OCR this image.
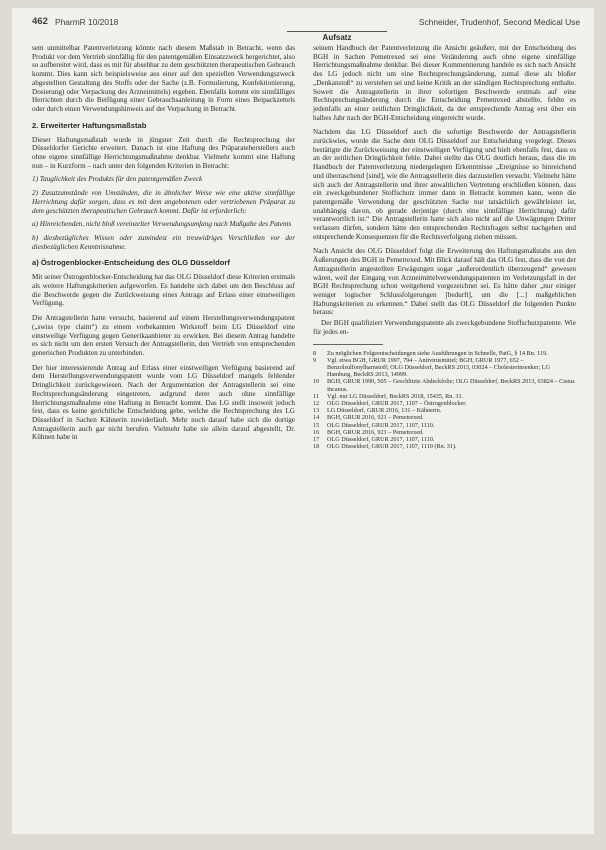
462 PharmR 10/2018	Schneider, Trudenhof, Second Medical Use
Aufsatz

sem unmittelbar Patentverletzung könnte nach diesem Maßstab in Betracht, wenn das Produkt vor dem Vertrieb sinnfällig für den patentgemäßen Einsatzzweck hergerichtet, also so aufbereitet wird, dass es mit für absehbar zu dem geschützten therapeutischen Gebrauch kommt. Dies kann sich beispielsweise aus einer auf den speziellen Verwendungszweck abgestellten Gestaltung des Stoffs oder der Sache (z.B. Formulierung, Konfektionierung, Dosierung) oder Verpackung des Arzneimittels) ergeben. Ebenfalls kommt ein sinnfälliges Herrichten durch die Beifügung einer Gebrauchsanleitung in Form eines Beipackzettels oder durch einen Verwendungshinweis auf der Verpackung in Betracht.

2. Erweiterter Haftungsmaßstab

Dieser Haftungsmaßstab wurde in jüngster Zeit durch die Rechtsprechung der Düsseldorfer Gerichte erweitert. Danach ist eine Haftung des Präparateherstellers auch ohne eigene sinnfällige Herrichtungsmaßnahme denkbar. Vielmehr kommt eine Haftung nun – in Kurzform – nach unter den folgenden Kriterien in Betracht:

1) Tauglichkeit des Produkts für den patentgemäßen Zweck

2) Zusatzumstände von Umständen, die in ähnlicher Weise wie eine aktive sinnfällige Herrichtung dafür sorgen, dass es mit dem angebotenen oder vertriebenen Präparat zu dem geschützten therapeutischen Gebrauch kommt. Dafür ist erforderlich:

a) Hinreichenden, nicht bloß vereinzelter Verwendungsumfang nach Maßgabe des Patents

b) diesbezügliches Wissen oder zumindest ein treuwidriges Verschließen vor der diesbezüglichen Kenntnisnahme.

a) Östrogenblocker-Entscheidung des OLG Düsseldorf

Mit seiner Östrogenblocker-Entscheidung hat das OLG Düsseldorf diese Kriterien erstmals als weitere Haftungskriterien aufgeworfen. Es handelte sich dabei um den Beschluss auf die Beschwerde gegen die Zurückweisung eines Antrags auf Erlass einer einstweiligen Verfügung.

Die Antragstellerin hatte versucht, basierend auf einem Herstellungsverwendungspatent („swiss type claim“) zu einem vorbekannten Wirkstoff beim LG Düsseldorf eine einstweilige Verfügung gegen Generikaanbieter zu erwirken. Bei diesem Antrag handelte es sich nicht um den ersten Versuch der Antragstellerin, den Vertrieb von entsprechenden generischen Produkten zu unterbinden.

Der hier interessierende Antrag auf Erlass einer einstweiligen Verfügung basierend auf dem Herstellungsverwendungspatent wurde vom LG Düsseldorf mangels fehlender Dringlichkeit zurückgewiesen. Nach der Argumentation der Antragstellerin sei eine Rechtsprechungsänderung eingetreten, aufgrund derer auch ohne sinnfällige Herrichtungsmaßnahme eine Haftung in Betracht kommt. Das LG stellt insoweit jedoch fest, dass es keine gerichtliche Entscheidung gebe, welche die Rechtsprechung des LG Düsseldorf in Sachen Kähnerin zuwiderläuft. Mehr noch darauf habe sich die dortige Antragstellerin auch gar nicht berufen. Vielmehr habe sie allein darauf abgestellt, Dr. Kühnen habe in

seinem Handbuch der Patentverletzung die Ansicht geäußert, mit der Entscheidung des BGH in Sachen Pemetrexed sei eine Veränderung auch ohne eigene sinnfällige Herrichtungsmaßnahme denkbar. Bei dieser Kommentierung handele es sich nach Ansicht des LG jedoch nicht um eine Rechtsprechungsänderung, zumal diese als bloßer „Denkanstoß“ zu verstehen sei und keine Kritik an der ständigen Rechtsprechung enthalte. Soweit die Antragstellerin in ihrer sofortigen Beschwerde erstmals auf eine Rechtsprechungsänderung durch die Entscheidung Pemetrexed abstellte, fehlte es jedenfalls an einer zeitlichen Dringlichkeit, da der entsprechende Antrag erst über ein halbes Jahr nach der BGH-Entscheidung eingereicht wurde.

Nachdem das LG Düsseldorf auch die sofortige Beschwerde der Antragstellerin zurückwies, wurde die Sache dem OLG Düsseldorf zur Entscheidung vorgelegt. Dieses bestätigte die Zurückweisung der einstweiligen Verfügung und hielt ebenfalls fest, dass es an der zeitlichen Dringlichkeit fehle. Dabei stellte das OLG deutlich heraus, dass die im Handbuch der Patentverletzung niedergelegten Erkenntnisse „Ereignisse so hinreichend und überraschend [sind], wie die Antragstellerin dies darzustellen versucht. Vielmehr hätte sich auch der Antragstellerin und ihrer anwaltlichen Vertretung erschließen können, dass ein zweckgebundener Stoffschutz immer dann in Betracht kommen kann, wenn die patentgemäße Verwendung der geschützten Sache nur tatsächlich gewährleistet ist, unabhängig davon, ob gerade derjenige (durch eine sinnfällige Herrichtung) dafür verantwortlich ist.“ Die Antragstellerin hatte sich also nicht auf die Unwägungen Dritter verlassen dürfen, sondern hätte den entsprechenden Rechtsfragen selbst nachgehen und entsprechende Konsequenzen für die Rechtsverfolgung ziehen müssen.

Nach Ansicht des OLG Düsseldorf folgt die Erweiterung des Haftungsmaßstabs aus den Äußerungen des BGH in Pemetrexed. Mit Blick darauf hält das OLG fest, dass die von der Antragstellerin angestellten Erwägungen sogar „außerordentlich überzeugend“ gewesen wären, weil der Eingang von Arzneimittelverwendungspatenten im Verletzungsfall in der BGH Rechtsprechung schon weitgehend vorgezeichnet sei. Es hätte daher „nur einiger weniger logischer Schlussfolgerungen [bedurft], um die [...] maßgeblichen Haftungskriterien zu erkennen.“ Dabei stellt das OLG Düsseldorf die folgenden Punkte heraus:

Der BGH qualifiziert Verwendungspatente als zweckgebundene Stoffschutzpatente. Wie für jedes en-

8	Zu möglichen Folgeentscheidungen siehe Ausführungen in Schnelle, PatG, § 14 Rn. 119.
9	Vgl. etwa BGH, GRUR 1997, 794 – Antivirusmittel; BGH, GRUR 1977, 652 – Benzolsulfonylharnstoff; OLG Düsseldorf, BeckRS 2013, 03024 – Cholesterinsenker; LG Hamburg, BeckRS 2013, 14999.
10	BGH, GRUR 1990, 505 – Geschlitzte Abdeckfolie; OLG Düsseldorf, BeckRS 2013, 03824 – Cistus Incanus.
11	Vgl. nur LG Düsseldorf, BeckRS 2018, 15435, Rn. 31.
12	OLG Düsseldorf, GRUR 2017, 1107 – Östrogenblocker.
13	LG Düsseldorf, GRUR 2016, 131 – Kähnerin.
14	BGH, GRUR 2016, 921 – Pemetrexed.
15	OLG Düsseldorf, GRUR 2017, 1107, 1110.
16	BGH, GRUR 2016, 921 – Pemetrexed.
17	OLG Düsseldorf, GRUR 2017, 1107, 1110.
18	OLG Düsseldorf, GRUR 2017, 1107, 1110 (Rn. 31).
